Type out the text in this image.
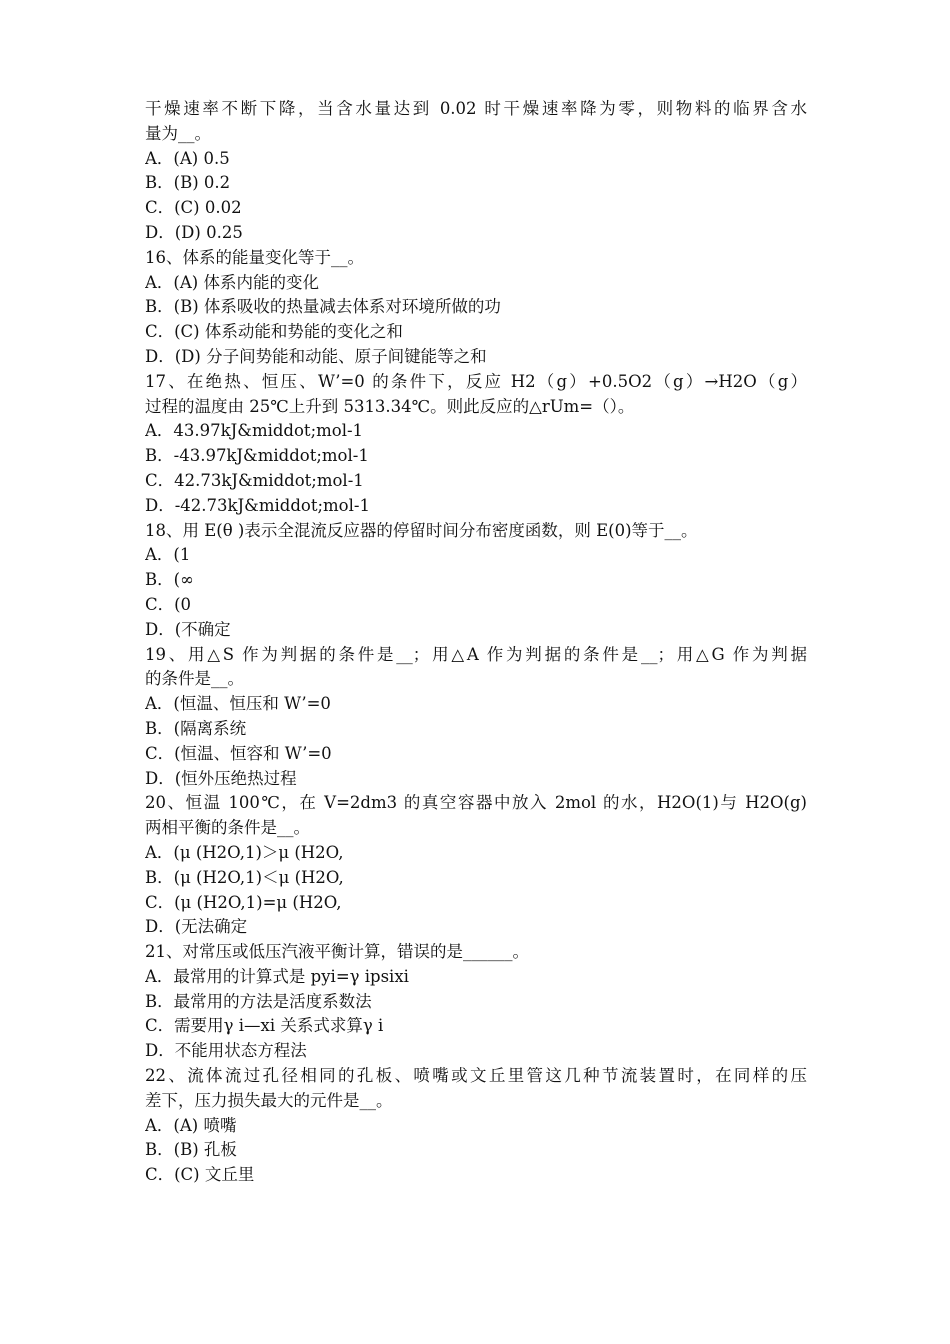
干燥速率不断下降，当含水量达到 0.02 时干燥速率降为零，则物料的临界含水
量为__。
A．(A) 0.5
B．(B) 0.2
C．(C) 0.02
D．(D) 0.25
16、体系的能量变化等于__。
A．(A) 体系内能的变化
B．(B) 体系吸收的热量减去体系对环境所做的功
C．(C) 体系动能和势能的变化之和
D．(D) 分子间势能和动能、原子间键能等之和
17、在绝热、恒压、W’=0 的条件下，反应 H2（g）+0.5O2（g）→H2O（g）
过程的温度由 25℃上升到 5313.34℃。则此反应的△rUm=（）。
A．43.97kJ&middot;mol-1
B．-43.97kJ&middot;mol-1
C．42.73kJ&middot;mol-1
D．-42.73kJ&middot;mol-1
18、用 E(θ )表示全混流反应器的停留时间分布密度函数，则 E(0)等于__。
A．(1
B．(∞
C．(0
D．(不确定
19、用△S 作为判据的条件是__；用△A 作为判据的条件是__；用△G 作为判据
的条件是__。
A．(恒温、恒压和 W’=0
B．(隔离系统
C．(恒温、恒容和 W’=0
D．(恒外压绝热过程
20、恒温 100℃，在 V=2dm3 的真空容器中放入 2mol 的水，H2O(1)与 H2O(g)
两相平衡的条件是__。
A．(μ (H2O,1)＞μ (H2O,
B．(μ (H2O,1)＜μ (H2O,
C．(μ (H2O,1)=μ (H2O,
D．(无法确定
21、对常压或低压汽液平衡计算，错误的是______。
A．最常用的计算式是 pyi=γ ipsixi
B．最常用的方法是活度系数法
C．需要用γ i—xi 关系式求算γ i
D．不能用状态方程法
22、流体流过孔径相同的孔板、喷嘴或文丘里管这几种节流装置时，在同样的压
差下，压力损失最大的元件是__。
A．(A) 喷嘴
B．(B) 孔板
C．(C) 文丘里
